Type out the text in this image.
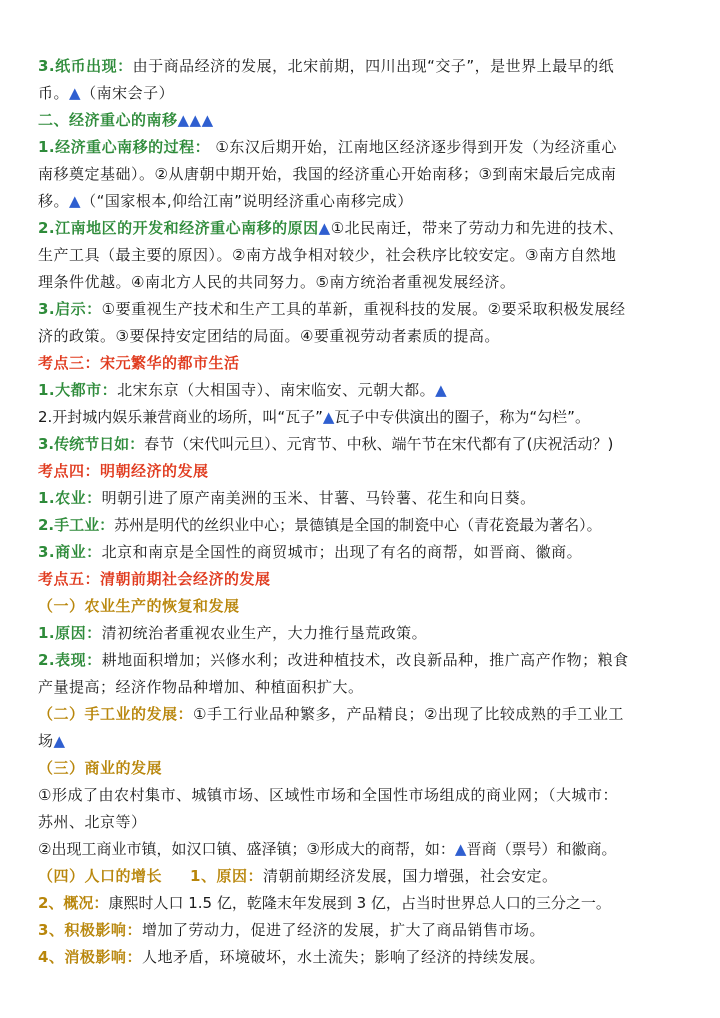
3.纸币出现：由于商品经济的发展，北宋前期，四川出现“交子”，是世界上最早的纸
币。▲（南宋会子）
二、经济重心的南移▲▲▲
1.经济重心南移的过程： ①东汉后期开始，江南地区经济逐步得到开发（为经济重心
南移奠定基础）。②从唐朝中期开始，我国的经济重心开始南移；③到南宋最后完成南
移。▲（“国家根本,仰给江南”说明经济重心南移完成）
2.江南地区的开发和经济重心南移的原因▲①北民南迁，带来了劳动力和先进的技术、
生产工具（最主要的原因）。②南方战争相对较少，社会秩序比较安定。③南方自然地
理条件优越。④南北方人民的共同努力。⑤南方统治者重视发展经济。
3.启示：①要重视生产技术和生产工具的革新，重视科技的发展。②要采取积极发展经
济的政策。③要保持安定团结的局面。④要重视劳动者素质的提高。
考点三：宋元繁华的都市生活
1.大都市：北宋东京（大相国寺）、南宋临安、元朝大都。▲
2.开封城内娱乐兼营商业的场所，叫“瓦子”▲瓦子中专供演出的圈子，称为“勾栏”。
3.传统节日如：春节（宋代叫元旦）、元宵节、中秋、端午节在宋代都有了(庆祝活动？)
考点四：明朝经济的发展
1.农业：明朝引进了原产南美洲的玉米、甘薯、马铃薯、花生和向日葵。
2.手工业：苏州是明代的丝织业中心；景德镇是全国的制瓷中心（青花瓷最为著名）。
3.商业：北京和南京是全国性的商贸城市；出现了有名的商帮，如晋商、徽商。
考点五：清朝前期社会经济的发展
（一）农业生产的恢复和发展
1.原因：清初统治者重视农业生产，大力推行垦荒政策。
2.表现：耕地面积增加；兴修水利；改进种植技术，改良新品种，推广高产作物；粮食
产量提高；经济作物品种增加、种植面积扩大。
（二）手工业的发展：①手工行业品种繁多，产品精良；②出现了比较成熟的手工业工
场▲
（三）商业的发展
①形成了由农村集市、城镇市场、区域性市场和全国性市场组成的商业网；（大城市：
苏州、北京等）
②出现工商业市镇，如汉口镇、盛泽镇；③形成大的商帮，如：▲晋商（票号）和徽商。
（四）人口的增长 1、原因：清朝前期经济发展，国力增强，社会安定。
2、概况：康熙时人口 1.5 亿，乾隆末年发展到 3 亿，占当时世界总人口的三分之一。
3、积极影响：增加了劳动力，促进了经济的发展，扩大了商品销售市场。
4、消极影响：人地矛盾，环境破坏，水土流失；影响了经济的持续发展。
